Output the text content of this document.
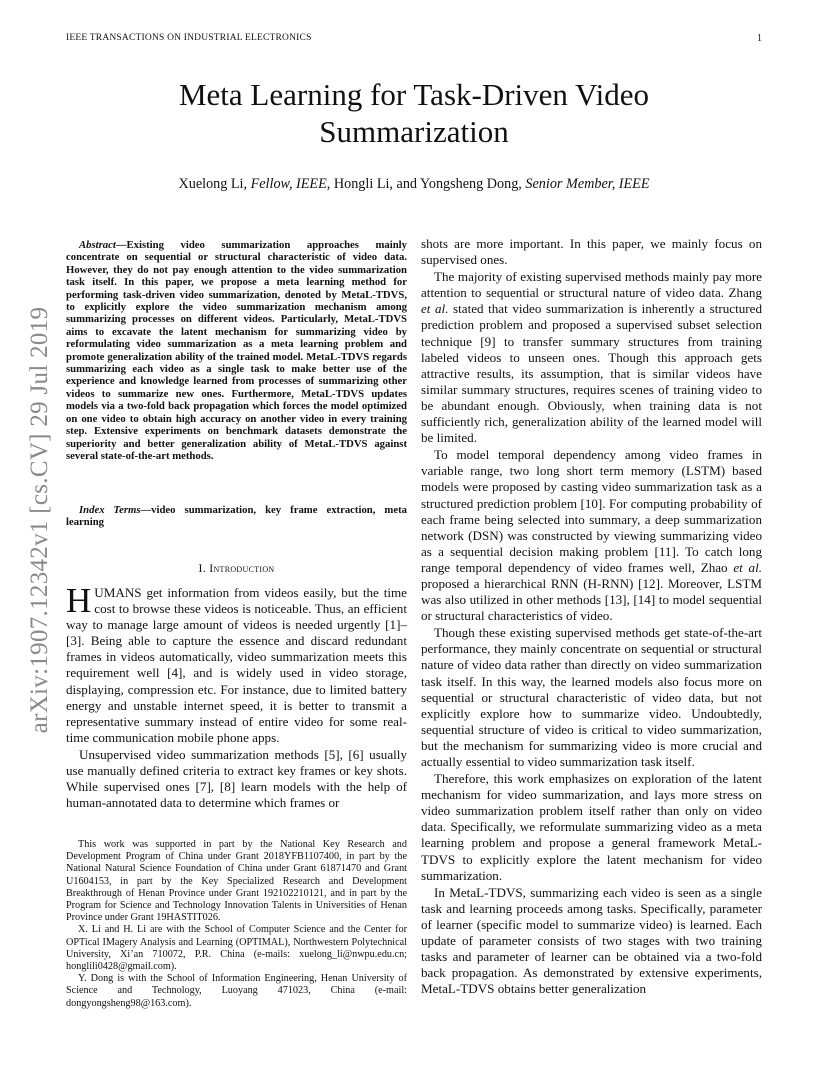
IEEE TRANSACTIONS ON INDUSTRIAL ELECTRONICS	1
Meta Learning for Task-Driven Video
Summarization
Xuelong Li, Fellow, IEEE, Hongli Li, and Yongsheng Dong, Senior Member, IEEE
arXiv:1907.12342v1 [cs.CV] 29 Jul 2019

Abstract—Existing video summarization approaches mainly concentrate on sequential or structural characteristic of video data. However, they do not pay enough attention to the video summarization task itself. In this paper, we propose a meta learning method for performing task-driven video summarization, denoted by MetaL-TDVS, to explicitly explore the video summarization mechanism among summarizing processes on different videos. Particularly, MetaL-TDVS aims to excavate the latent mechanism for summarizing video by reformulating video summarization as a meta learning problem and promote generalization ability of the trained model. MetaL-TDVS regards summarizing each video as a single task to make better use of the experience and knowledge learned from processes of summarizing other videos to summarize new ones. Furthermore, MetaL-TDVS updates models via a two-fold back propagation which forces the model optimized on one video to obtain high accuracy on another video in every training step. Extensive experiments on benchmark datasets demonstrate the superiority and better generalization ability of MetaL-TDVS against several state-of-the-art methods.

Index Terms—video summarization, key frame extraction, meta learning
I. Introduction

HUMANS get information from videos easily, but the time cost to browse these videos is noticeable. Thus, an efficient way to manage large amount of videos is needed urgently [1]–[3]. Being able to capture the essence and discard redundant frames in videos automatically, video summarization meets this requirement well [4], and is widely used in video storage, displaying, compression etc. For instance, due to limited battery energy and unstable internet speed, it is better to transmit a representative summary instead of entire video for some real-time communication mobile phone apps.

Unsupervised video summarization methods [5], [6] usually use manually defined criteria to extract key frames or key shots. While supervised ones [7], [8] learn models with the help of human-annotated data to determine which frames or

This work was supported in part by the National Key Research and Development Program of China under Grant 2018YFB1107400, in part by the National Natural Science Foundation of China under Grant 61871470 and Grant U1604153, in part by the Key Specialized Research and Development Breakthrough of Henan Province under Grant 192102210121, and in part by the Program for Science and Technology Innovation Talents in Universities of Henan Province under Grant 19HASTIT026.

X. Li and H. Li are with the School of Computer Science and the Center for OPTical IMagery Analysis and Learning (OPTIMAL), Northwestern Polytechnical University, Xi’an 710072, P.R. China (e-mails: xuelong_li@nwpu.edu.cn; honglili0428@gmail.com).

Y. Dong is with the School of Information Engineering, Henan University of Science and Technology, Luoyang 471023, China (e-mail: dongyongsheng98@163.com).

shots are more important. In this paper, we mainly focus on supervised ones.

The majority of existing supervised methods mainly pay more attention to sequential or structural nature of video data. Zhang et al. stated that video summarization is inherently a structured prediction problem and proposed a supervised subset selection technique [9] to transfer summary structures from training labeled videos to unseen ones. Though this approach gets attractive results, its assumption, that is similar videos have similar summary structures, requires scenes of training video to be abundant enough. Obviously, when training data is not sufficiently rich, generalization ability of the learned model will be limited.

To model temporal dependency among video frames in variable range, two long short term memory (LSTM) based models were proposed by casting video summarization task as a structured prediction problem [10]. For computing probability of each frame being selected into summary, a deep summarization network (DSN) was constructed by viewing summarizing video as a sequential decision making problem [11]. To catch long range temporal dependency of video frames well, Zhao et al. proposed a hierarchical RNN (H-RNN) [12]. Moreover, LSTM was also utilized in other methods [13], [14] to model sequential or structural characteristics of video.

Though these existing supervised methods get state-of-the-art performance, they mainly concentrate on sequential or structural nature of video data rather than directly on video summarization task itself. In this way, the learned models also focus more on sequential or structural characteristic of video data, but not explicitly explore how to summarize video. Undoubtedly, sequential structure of video is critical to video summarization, but the mechanism for summarizing video is more crucial and actually essential to video summarization task itself.

Therefore, this work emphasizes on exploration of the latent mechanism for video summarization, and lays more stress on video summarization problem itself rather than only on video data. Specifically, we reformulate summarizing video as a meta learning problem and propose a general framework MetaL-TDVS to explicitly explore the latent mechanism for video summarization.

In MetaL-TDVS, summarizing each video is seen as a single task and learning proceeds among tasks. Specifically, parameter of learner (specific model to summarize video) is learned. Each update of parameter consists of two stages with two training tasks and parameter of learner can be obtained via a two-fold back propagation. As demonstrated by extensive experiments, MetaL-TDVS obtains better generalization
